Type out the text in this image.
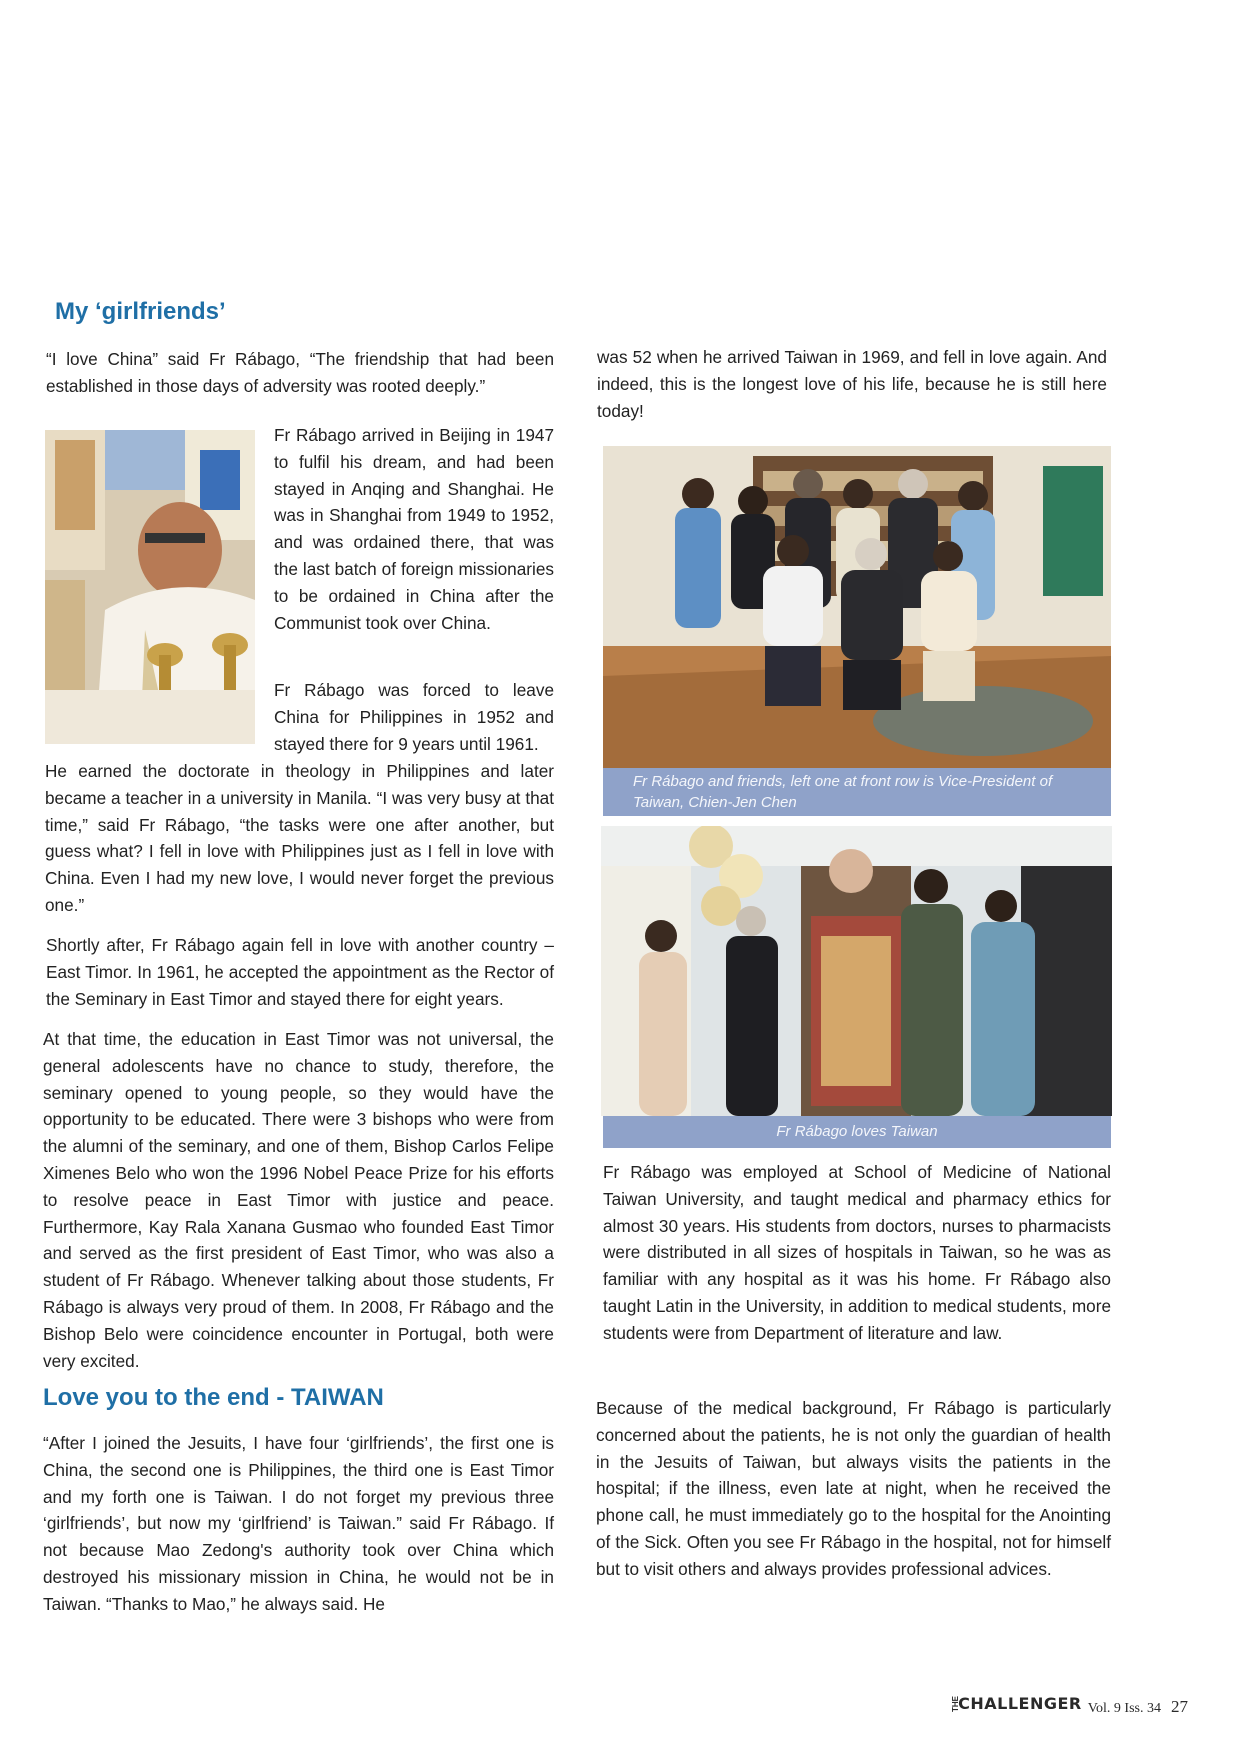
My ‘girlfriends’

“I love China” said Fr Rábago, “The friendship that had been established in those days of adversity was rooted deeply.”

Fr Rábago arrived in Beijing in 1947 to fulfil his dream, and had been stayed in Anqing and Shanghai. He was in Shanghai from 1949 to 1952, and was ordained there, that was the last batch of foreign missionaries to be ordained in China after the Communist took over China.

Fr Rábago was forced to leave China for Philippines in 1952 and stayed there for 9 years until 1961.

He earned the doctorate in theology in Philippines and later became a teacher in a university in Manila. “I was very busy at that time,” said Fr Rábago, “the tasks were one after another, but guess what? I fell in love with Philippines just as I fell in love with China. Even I had my new love, I would never forget the previous one.”

Shortly after, Fr Rábago again fell in love with another country – East Timor. In 1961, he accepted the appointment as the Rector of the Seminary in East Timor and stayed there for eight years.

At that time, the education in East Timor was not universal, the general adolescents have no chance to study, therefore, the seminary opened to young people, so they would have the opportunity to be educated. There were 3 bishops who were from the alumni of the seminary, and one of them, Bishop Carlos Felipe Ximenes Belo who won the 1996 Nobel Peace Prize for his efforts to resolve peace in East Timor with justice and peace. Furthermore, Kay Rala Xanana Gusmao who founded East Timor and served as the first president of East Timor, who was also a student of Fr Rábago. Whenever talking about those students, Fr Rábago is always very proud of them. In 2008, Fr Rábago and the Bishop Belo were coincidence encounter in Portugal, both were very excited.

Love you to the end - TAIWAN

“After I joined the Jesuits, I have four ‘girlfriends’, the first one is China, the second one is Philippines, the third one is East Timor and my forth one is Taiwan. I do not forget my previous three ‘girlfriends’, but now my ‘girlfriend’ is Taiwan.” said Fr Rábago. If not because Mao Zedong's authority took over China which destroyed his missionary mission in China, he would not be in Taiwan. “Thanks to Mao,” he always said. He

was 52 when he arrived Taiwan in 1969, and fell in love again. And indeed, this is the longest love of his life, because he is still here today!

Fr Rábago and friends, left one at front row is Vice-President of Taiwan, Chien-Jen Chen
Fr Rábago loves Taiwan

Fr Rábago was employed at School of Medicine of National Taiwan University, and taught medical and pharmacy ethics for almost 30 years. His students from doctors, nurses to pharmacists were distributed in all sizes of hospitals in Taiwan, so he was as familiar with any hospital as it was his home. Fr Rábago also taught Latin in the University, in addition to medical students, more students were from Department of literature and law.

Because of the medical background, Fr Rábago is particularly concerned about the patients, he is not only the guardian of health in the Jesuits of Taiwan, but always visits the patients in the hospital; if the illness, even late at night, when he received the phone call, he must immediately go to the hospital for the Anointing of the Sick. Often you see Fr Rábago in the hospital, not for himself but to visit others and always provides professional advices.

THE
CHALLENGER Vol. 9 Iss. 34 27
